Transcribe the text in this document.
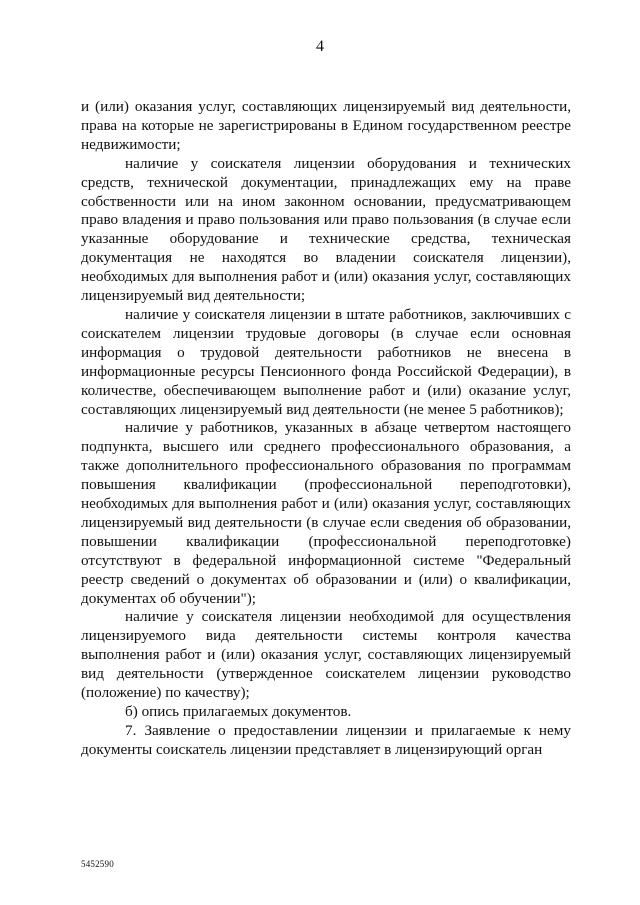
4

и (или) оказания услуг, составляющих лицензируемый вид деятельности, права на которые не зарегистрированы в Едином государственном реестре недвижимости;

наличие у соискателя лицензии оборудования и технических средств, технической документации, принадлежащих ему на праве собственности или на ином законном основании, предусматривающем право владения и право пользования или право пользования (в случае если указанные оборудование и технические средства, техническая документация не находятся во владении соискателя лицензии), необходимых для выполнения работ и (или) оказания услуг, составляющих лицензируемый вид деятельности;

наличие у соискателя лицензии в штате работников, заключивших с соискателем лицензии трудовые договоры (в случае если основная информация о трудовой деятельности работников не внесена в информационные ресурсы Пенсионного фонда Российской Федерации), в количестве, обеспечивающем выполнение работ и (или) оказание услуг, составляющих лицензируемый вид деятельности (не менее 5 работников);

наличие у работников, указанных в абзаце четвертом настоящего подпункта, высшего или среднего профессионального образования, а также дополнительного профессионального образования по программам повышения квалификации (профессиональной переподготовки), необходимых для выполнения работ и (или) оказания услуг, составляющих лицензируемый вид деятельности (в случае если сведения об образовании, повышении квалификации (профессиональной переподготовке) отсутствуют в федеральной информационной системе "Федеральный реестр сведений о документах об образовании и (или) о квалификации, документах об обучении");

наличие у соискателя лицензии необходимой для осуществления лицензируемого вида деятельности системы контроля качества выполнения работ и (или) оказания услуг, составляющих лицензируемый вид деятельности (утвержденное соискателем лицензии руководство (положение) по качеству);

б) опись прилагаемых документов.

7. Заявление о предоставлении лицензии и прилагаемые к нему документы соискатель лицензии представляет в лицензирующий орган

5452590
